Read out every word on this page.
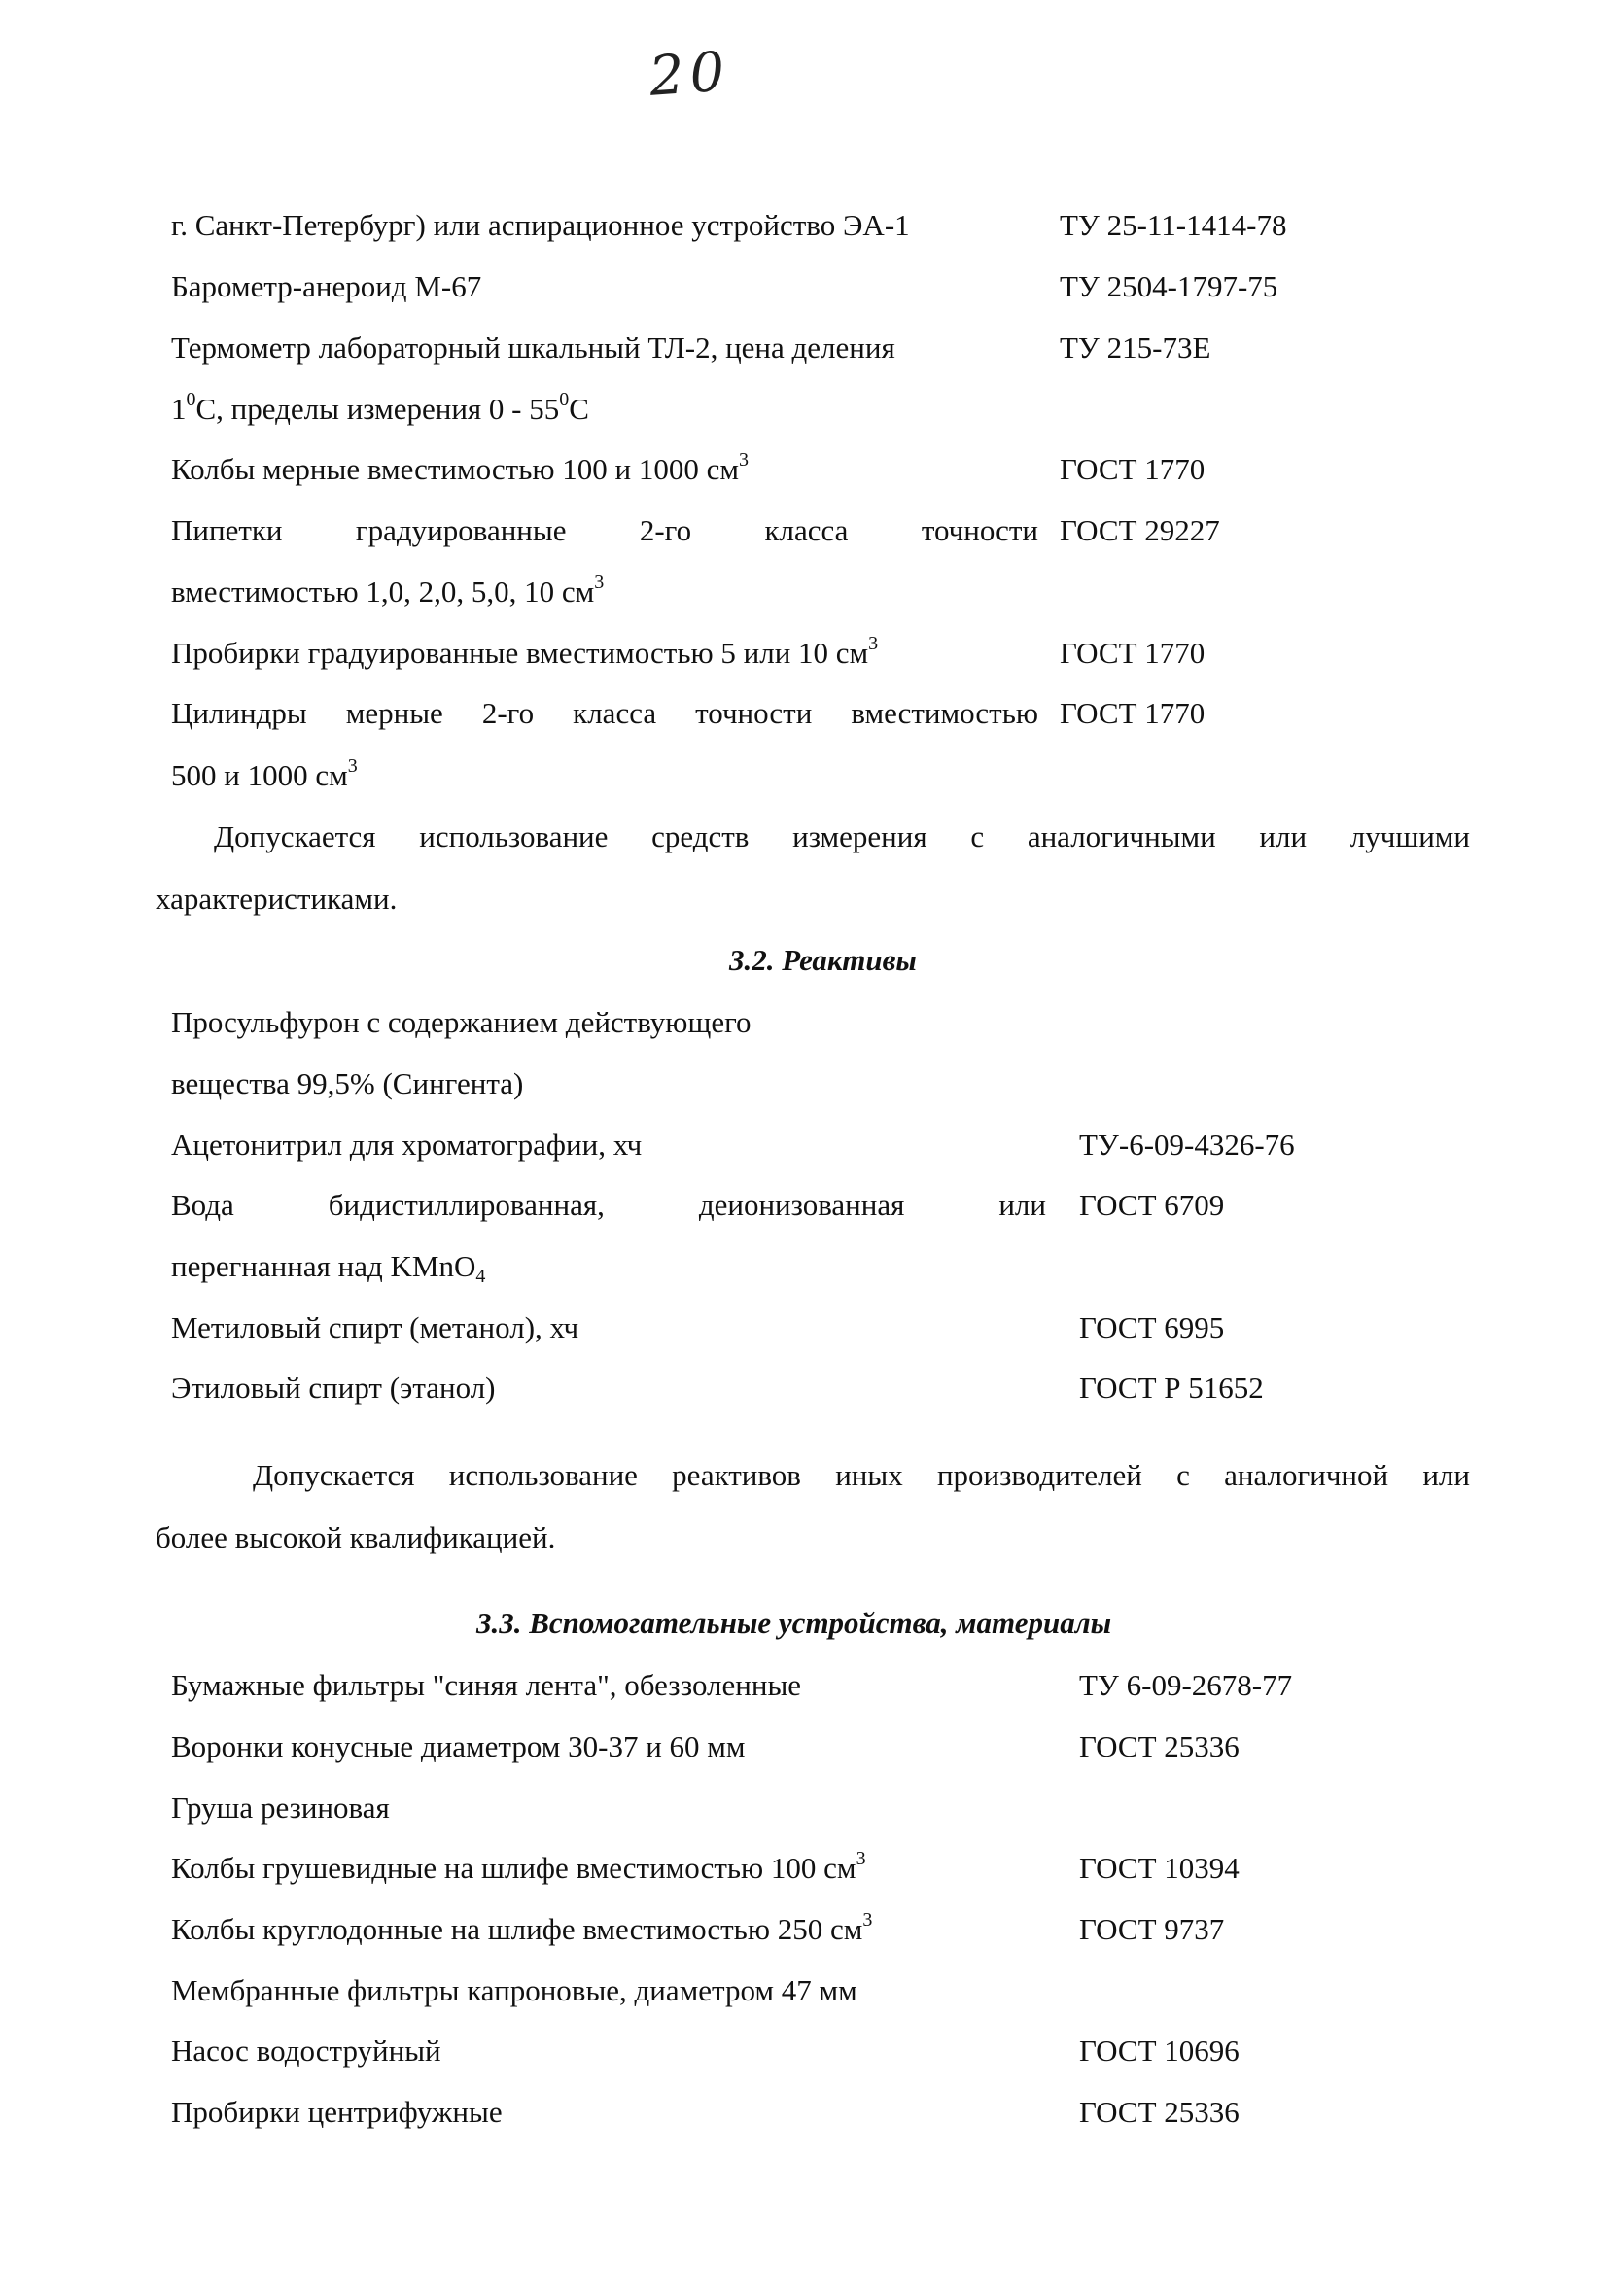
20
г. Санкт-Петербург) или аспирационное устройство ЭА-1	ТУ 25-11-1414-78
Барометр-анероид М-67	ТУ 2504-1797-75
Термометр лабораторный шкальный ТЛ-2, цена деления	ТУ 215-73Е
$1^0С$, пределы измерения $0 - 55^0С$
Колбы мерные вместимостью 100 и 1000 $см^3$	ГОСТ 1770
Пипетки градуированные 2-го класса точности ГОСТ 29227
вместимостью 1,0, 2,0, 5,0, 10 $см^3$
Пробирки градуированные вместимостью 5 или 10 $см^3$	ГОСТ 1770
Цилиндры мерные 2-го класса точности вместимостью ГОСТ 1770
500 и 1000 $см^3$
Допускается использование средств измерения с аналогичными или лучшими
характеристиками.
3.2. Реактивы
Просульфурон с содержанием действующего
вещества 99,5% (Сингента)
Ацетонитрил для хроматографии, хч	ТУ-6-09-4326-76
Вода бидистиллированная, деионизованная или ГОСТ 6709
перегнанная над KMnO$_4$
Метиловый спирт (метанол), хч	ГОСТ 6995
Этиловый спирт (этанол)	ГОСТ Р 51652
Допускается использование реактивов иных производителей с аналогичной или
более высокой квалификацией.
3.3. Вспомогательные устройства, материалы
Бумажные фильтры "синяя лента", обеззоленные	ТУ 6-09-2678-77
Воронки конусные диаметром 30-37 и 60 мм	ГОСТ 25336
Груша резиновая
Колбы грушевидные на шлифе вместимостью 100 $см^3$	ГОСТ 10394
Колбы круглодонные на шлифе вместимостью 250 $см^3$	ГОСТ 9737
Мембранные фильтры капроновые, диаметром 47 мм
Насос водоструйный	ГОСТ 10696
Пробирки центрифужные	ГОСТ 25336
